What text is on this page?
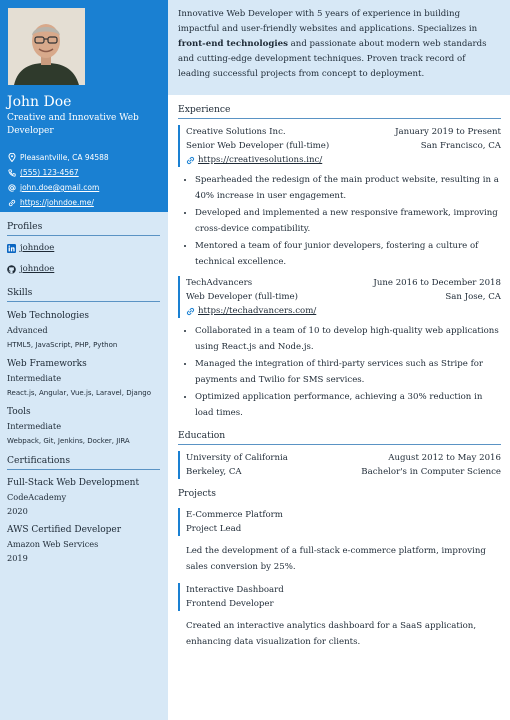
John Doe
Creative and Innovative Web Developer
Pleasantville, CA 94588
(555) 123-4567
john.doe@gmail.com
https://johndoe.me/
Profiles
johndoe
johndoe
Skills
Web Technologies
Advanced
HTML5, JavaScript, PHP, Python
Web Frameworks
Intermediate
React.js, Angular, Vue.js, Laravel, Django
Tools
Intermediate
Webpack, Git, Jenkins, Docker, JIRA
Certifications
Full-Stack Web Development
CodeAcademy
2020
AWS Certified Developer
Amazon Web Services
2019
Innovative Web Developer with 5 years of experience in building impactful and user-friendly websites and applications. Specializes in front-end technologies and passionate about modern web standards and cutting-edge development techniques. Proven track record of leading successful projects from concept to deployment.
Experience
Creative Solutions Inc.	January 2019 to Present
Senior Web Developer (full-time)	San Francisco, CA
https://creativesolutions.inc/
• Spearheaded the redesign of the main product website, resulting in a 40% increase in user engagement.
• Developed and implemented a new responsive framework, improving cross-device compatibility.
• Mentored a team of four junior developers, fostering a culture of technical excellence.
TechAdvancers	June 2016 to December 2018
Web Developer (full-time)	San Jose, CA
https://techadvancers.com/
• Collaborated in a team of 10 to develop high-quality web applications using React.js and Node.js.
• Managed the integration of third-party services such as Stripe for payments and Twilio for SMS services.
• Optimized application performance, achieving a 30% reduction in load times.
Education
University of California	August 2012 to May 2016
Berkeley, CA	Bachelor's in Computer Science
Projects
E-Commerce Platform
Project Lead
Led the development of a full-stack e-commerce platform, improving sales conversion by 25%.
Interactive Dashboard
Frontend Developer
Created an interactive analytics dashboard for a SaaS application, enhancing data visualization for clients.
